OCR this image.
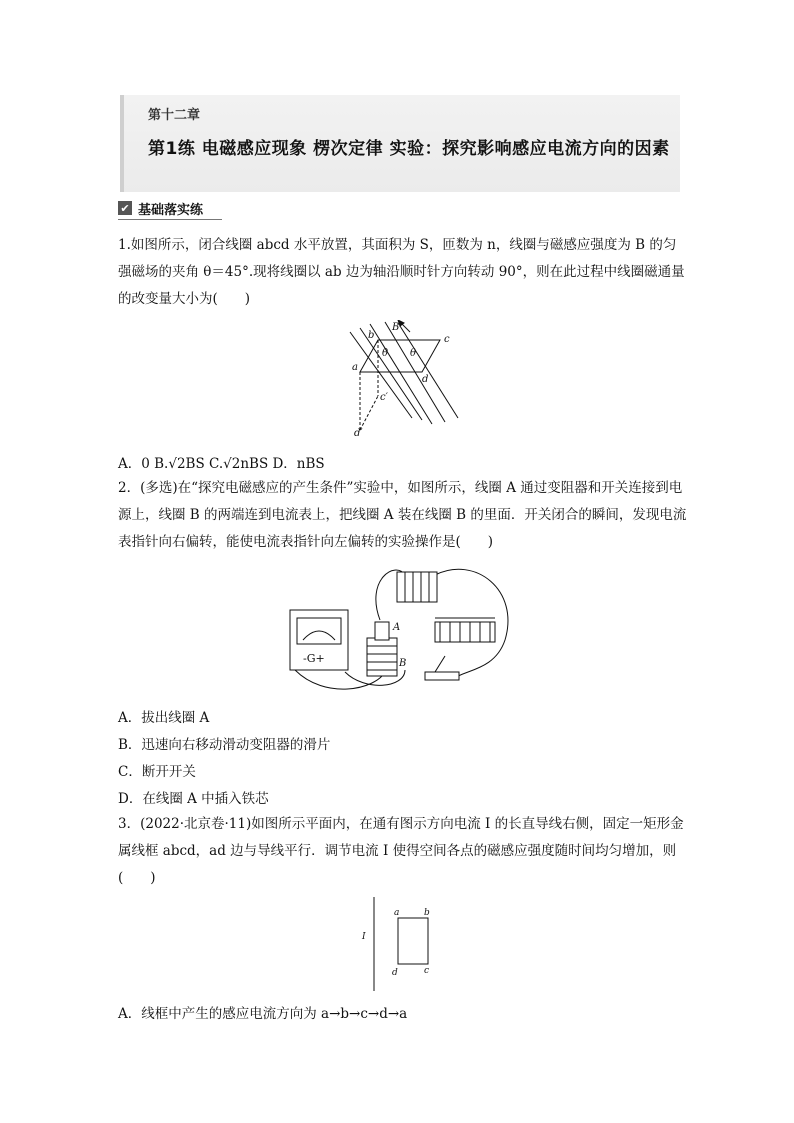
第十二章
第1练 电磁感应现象 楞次定律 实验：探究影响感应电流方向的因素
✔ 基础落实练
1.如图所示，闭合线圈 abcd 水平放置，其面积为 S，匝数为 n，线圈与磁感应强度为 B 的匀强磁场的夹角 θ＝45°.现将线圈以 ab 边为轴沿顺时针方向转动 90°，则在此过程中线圈磁通量的改变量大小为(　　)
b
a
c
d
c′
d′
B
θ θ
A．0 B.√2BS C.√2nBS D．nBS
2．(多选)在“探究电磁感应的产生条件”实验中，如图所示，线圈 A 通过变阻器和开关连接到电源上，线圈 B 的两端连到电流表上，把线圈 A 装在线圈 B 的里面．开关闭合的瞬间，发现电流表指针向右偏转，能使电流表指针向左偏转的实验操作是(　　)
A
B
-G+
A．拔出线圈 A
B．迅速向右移动滑动变阻器的滑片
C．断开开关
D．在线圈 A 中插入铁芯
3．(2022·北京卷·11)如图所示平面内，在通有图示方向电流 I 的长直导线右侧，固定一矩形金属线框 abcd，ad 边与导线平行．调节电流 I 使得空间各点的磁感应强度随时间均匀增加，则(　　)
I
a	b
c
d
A．线框中产生的感应电流方向为 a→b→c→d→a
